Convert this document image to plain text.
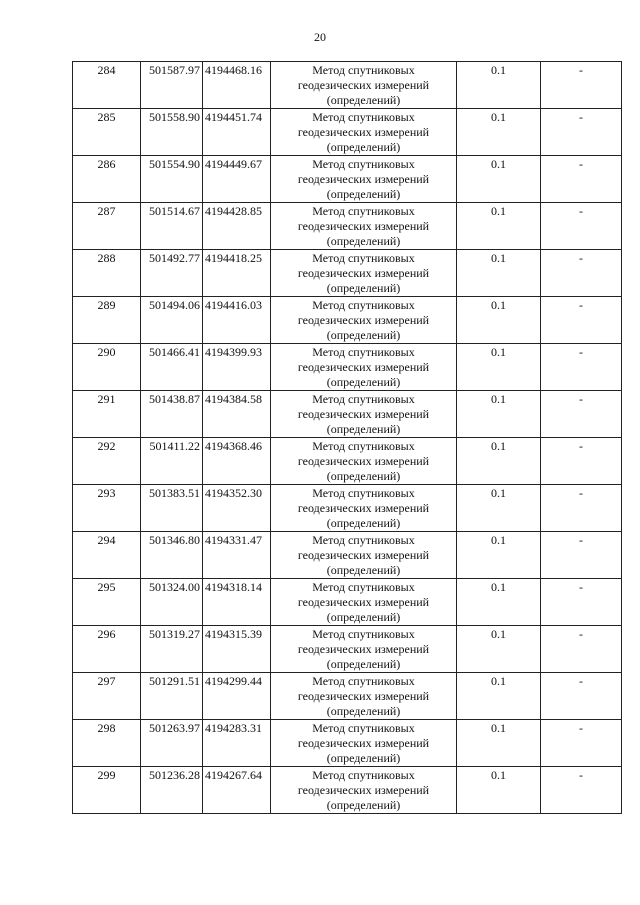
20
284	501587.97	4194468.16	Метод спутниковых
геодезических измерений
(определений)	0.1	-
285	501558.90	4194451.74	Метод спутниковых
геодезических измерений
(определений)	0.1	-
286	501554.90	4194449.67	Метод спутниковых
геодезических измерений
(определений)	0.1	-
287	501514.67	4194428.85	Метод спутниковых
геодезических измерений
(определений)	0.1	-
288	501492.77	4194418.25	Метод спутниковых
геодезических измерений
(определений)	0.1	-
289	501494.06	4194416.03	Метод спутниковых
геодезических измерений
(определений)	0.1	-
290	501466.41	4194399.93	Метод спутниковых
геодезических измерений
(определений)	0.1	-
291	501438.87	4194384.58	Метод спутниковых
геодезических измерений
(определений)	0.1	-
292	501411.22	4194368.46	Метод спутниковых
геодезических измерений
(определений)	0.1	-
293	501383.51	4194352.30	Метод спутниковых
геодезических измерений
(определений)	0.1	-
294	501346.80	4194331.47	Метод спутниковых
геодезических измерений
(определений)	0.1	-
295	501324.00	4194318.14	Метод спутниковых
геодезических измерений
(определений)	0.1	-
296	501319.27	4194315.39	Метод спутниковых
геодезических измерений
(определений)	0.1	-
297	501291.51	4194299.44	Метод спутниковых
геодезических измерений
(определений)	0.1	-
298	501263.97	4194283.31	Метод спутниковых
геодезических измерений
(определений)	0.1	-
299	501236.28	4194267.64	Метод спутниковых
геодезических измерений
(определений)	0.1	-
